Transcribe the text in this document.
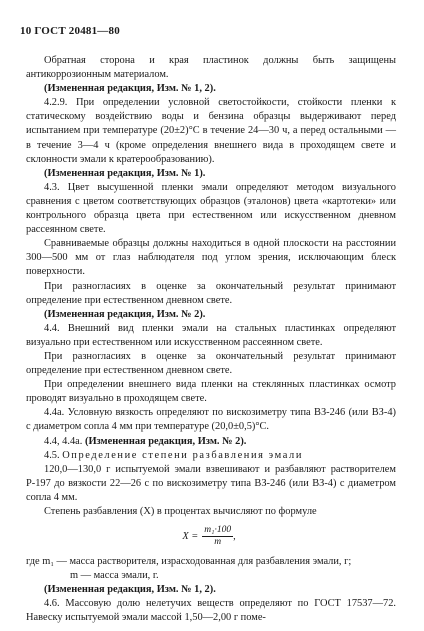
10 ГОСТ 20481—80

Обратная сторона и края пластинок должны быть защищены антикоррозионным материалом.

(Измененная редакция, Изм. № 1, 2).

4.2.9. При определении условной светостойкости, стойкости пленки к статическому воздействию воды и бензина образцы выдерживают перед испытанием при температуре (20±2)°С в течение 24—30 ч, а перед остальными — в течение 3—4 ч (кроме определения внешнего вида в проходящем свете и склонности эмали к кратерообразованию).

(Измененная редакция, Изм. № 1).

4.3. Цвет высушенной пленки эмали определяют методом визуального сравнения с цветом соответствующих образцов (эталонов) цвета «картотеки» или контрольного образца цвета при естественном или искусственном дневном рассеянном свете.

Сравниваемые образцы должны находиться в одной плоскости на расстоянии 300—500 мм от глаз наблюдателя под углом зрения, исключающим блеск поверхности.

При разногласиях в оценке за окончательный результат принимают определение при естественном дневном свете.

(Измененная редакция, Изм. № 2).

4.4. Внешний вид пленки эмали на стальных пластинках определяют визуально при естественном или искусственном рассеянном свете.

При разногласиях в оценке за окончательный результат принимают определение при естественном дневном свете.

При определении внешнего вида пленки на стеклянных пластинках осмотр проводят визуально в проходящем свете.

4.4а. Условную вязкость определяют по вискозиметру типа ВЗ-246 (или ВЗ-4) с диаметром сопла 4 мм при температуре (20,0±0,5)°С.

4.4, 4.4а. (Измененная редакция, Изм. № 2).

4.5. Определение степени разбавления эмали

120,0—130,0 г испытуемой эмали взвешивают и разбавляют растворителем Р-197 до вязкости 22—26 с по вискозиметру типа ВЗ-246 (или ВЗ-4) с диаметром сопла 4 мм.

Степень разбавления (X) в процентах вычисляют по формуле

$X = \frac{\text{m₁·100}}{m}$ ,

где m₁ — масса растворителя, израсходованная для разбавления эмали, г;

m — масса эмали, г.

(Измененная редакция, Изм. № 1, 2).

4.6. Массовую долю нелетучих веществ определяют по ГОСТ 17537—72. Навеску испытуемой эмали массой 1,50—2,00 г поме-
